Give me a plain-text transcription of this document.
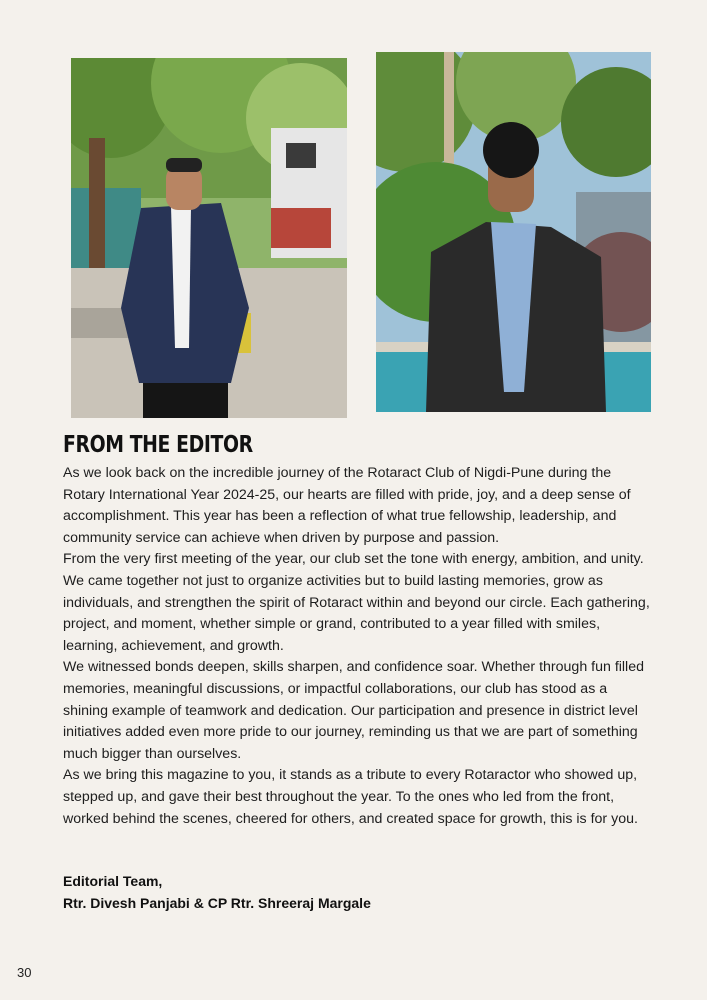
FROM THE EDITOR

As we look back on the incredible journey of the Rotaract Club of Nigdi-Pune during the Rotary International Year 2024-25, our hearts are filled with pride, joy, and a deep sense of accomplishment. This year has been a reflection of what true fellowship, leadership, and community service can achieve when driven by purpose and passion.

From the very first meeting of the year, our club set the tone with energy, ambition, and unity. We came together not just to organize activities but to build lasting memories, grow as individuals, and strengthen the spirit of Rotaract within and beyond our circle. Each gathering, project, and moment, whether simple or grand, contributed to a year filled with smiles, learning, achievement, and growth.

We witnessed bonds deepen, skills sharpen, and confidence soar. Whether through fun filled memories, meaningful discussions, or impactful collaborations, our club has stood as a shining example of teamwork and dedication. Our participation and presence in district level initiatives added even more pride to our journey, reminding us that we are part of something much bigger than ourselves.

As we bring this magazine to you, it stands as a tribute to every Rotaractor who showed up, stepped up, and gave their best throughout the year. To the ones who led from the front, worked behind the scenes, cheered for others, and created space for growth, this is for you.

Editorial Team,
Rtr. Divesh Panjabi & CP Rtr. Shreeraj Margale
30
